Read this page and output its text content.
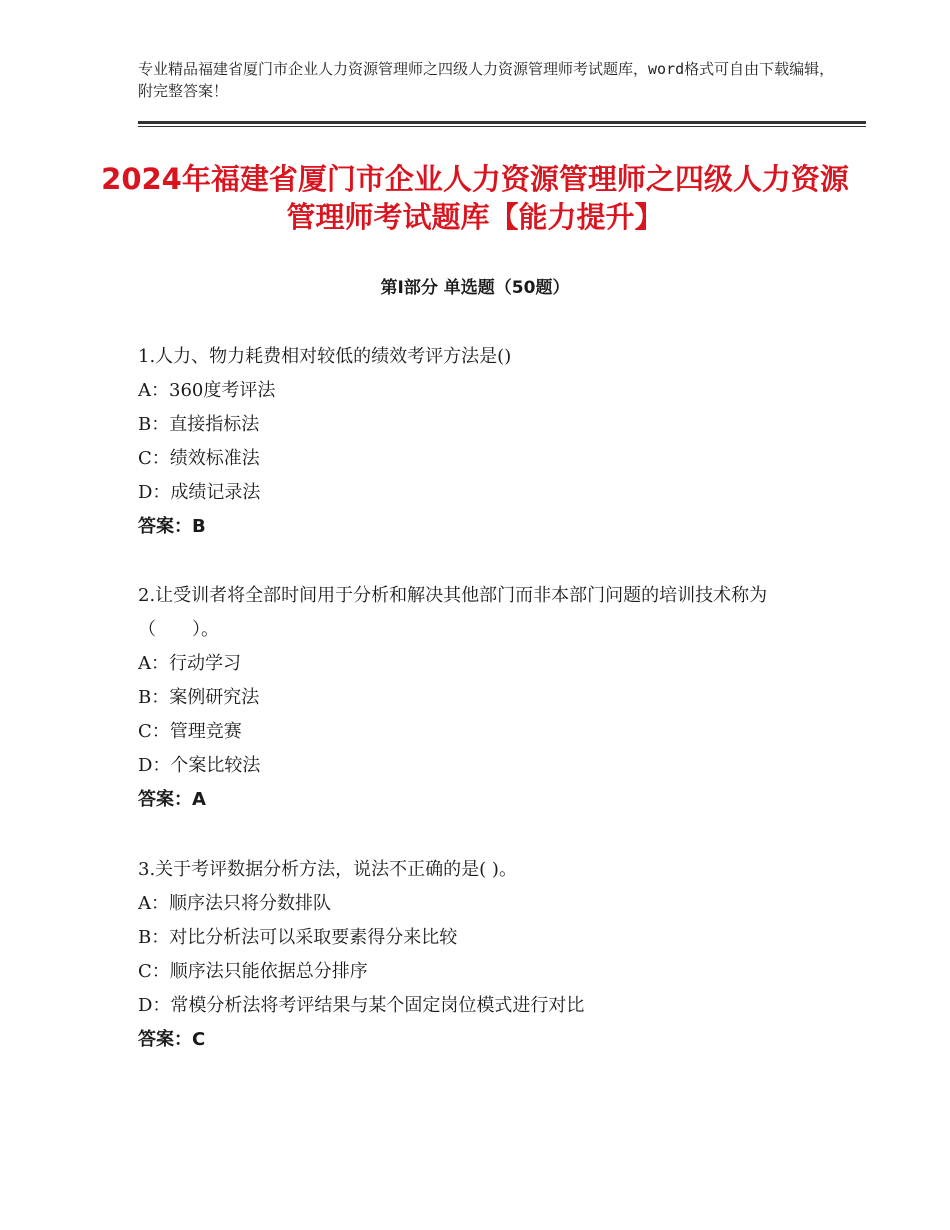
专业精品福建省厦门市企业人力资源管理师之四级人力资源管理师考试题库，word格式可自由下载编辑，附完整答案！
2024年福建省厦门市企业人力资源管理师之四级人力资源管理师考试题库【能力提升】
第Ⅰ部分 单选题（50题）

1.人力、物力耗费相对较低的绩效考评方法是()

A：360度考评法

B：直接指标法

C：绩效标准法

D：成绩记录法

答案：B

2.让受训者将全部时间用于分析和解决其他部门而非本部门问题的培训技术称为（　　）。

A：行动学习

B：案例研究法

C：管理竞赛

D：个案比较法

答案：A

3.关于考评数据分析方法，说法不正确的是( )。

A：顺序法只将分数排队

B：对比分析法可以采取要素得分来比较

C：顺序法只能依据总分排序

D：常模分析法将考评结果与某个固定岗位模式进行对比

答案：C
